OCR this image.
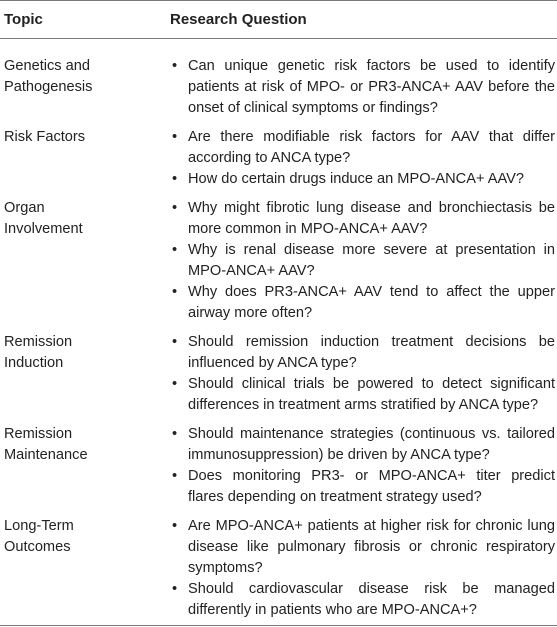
Topic	Research Question
Genetics and
Pathogenesis
• Can unique genetic risk factors be used to identify patients at risk of MPO- or PR3-ANCA+ AAV before the onset of clinical symptoms or findings?
Risk Factors
•	Are there modifiable risk factors for AAV that differ according to ANCA type?
• How do certain drugs induce an MPO-ANCA+ AAV?
Organ
Involvement
• Why might fibrotic lung disease and bronchiectasis be more common in MPO-ANCA+ AAV?
• Why is renal disease more severe at presentation in MPO-ANCA+ AAV?
• Why does PR3-ANCA+ AAV tend to affect the upper airway more often?
Remission
Induction
• Should remission induction treatment decisions be influenced by ANCA type?
• Should clinical trials be powered to detect significant differences in treatment arms stratified by ANCA type?
Remission
Maintenance
• Should maintenance strategies (continuous vs. tailored immunosuppression) be driven by ANCA type?
• Does monitoring PR3- or MPO-ANCA+ titer predict flares depending on treatment strategy used?
Long-Term
Outcomes
• Are MPO-ANCA+ patients at higher risk for chronic lung disease like pulmonary fibrosis or chronic respiratory symptoms?
• Should cardiovascular disease risk be managed differently in patients who are MPO-ANCA+?
